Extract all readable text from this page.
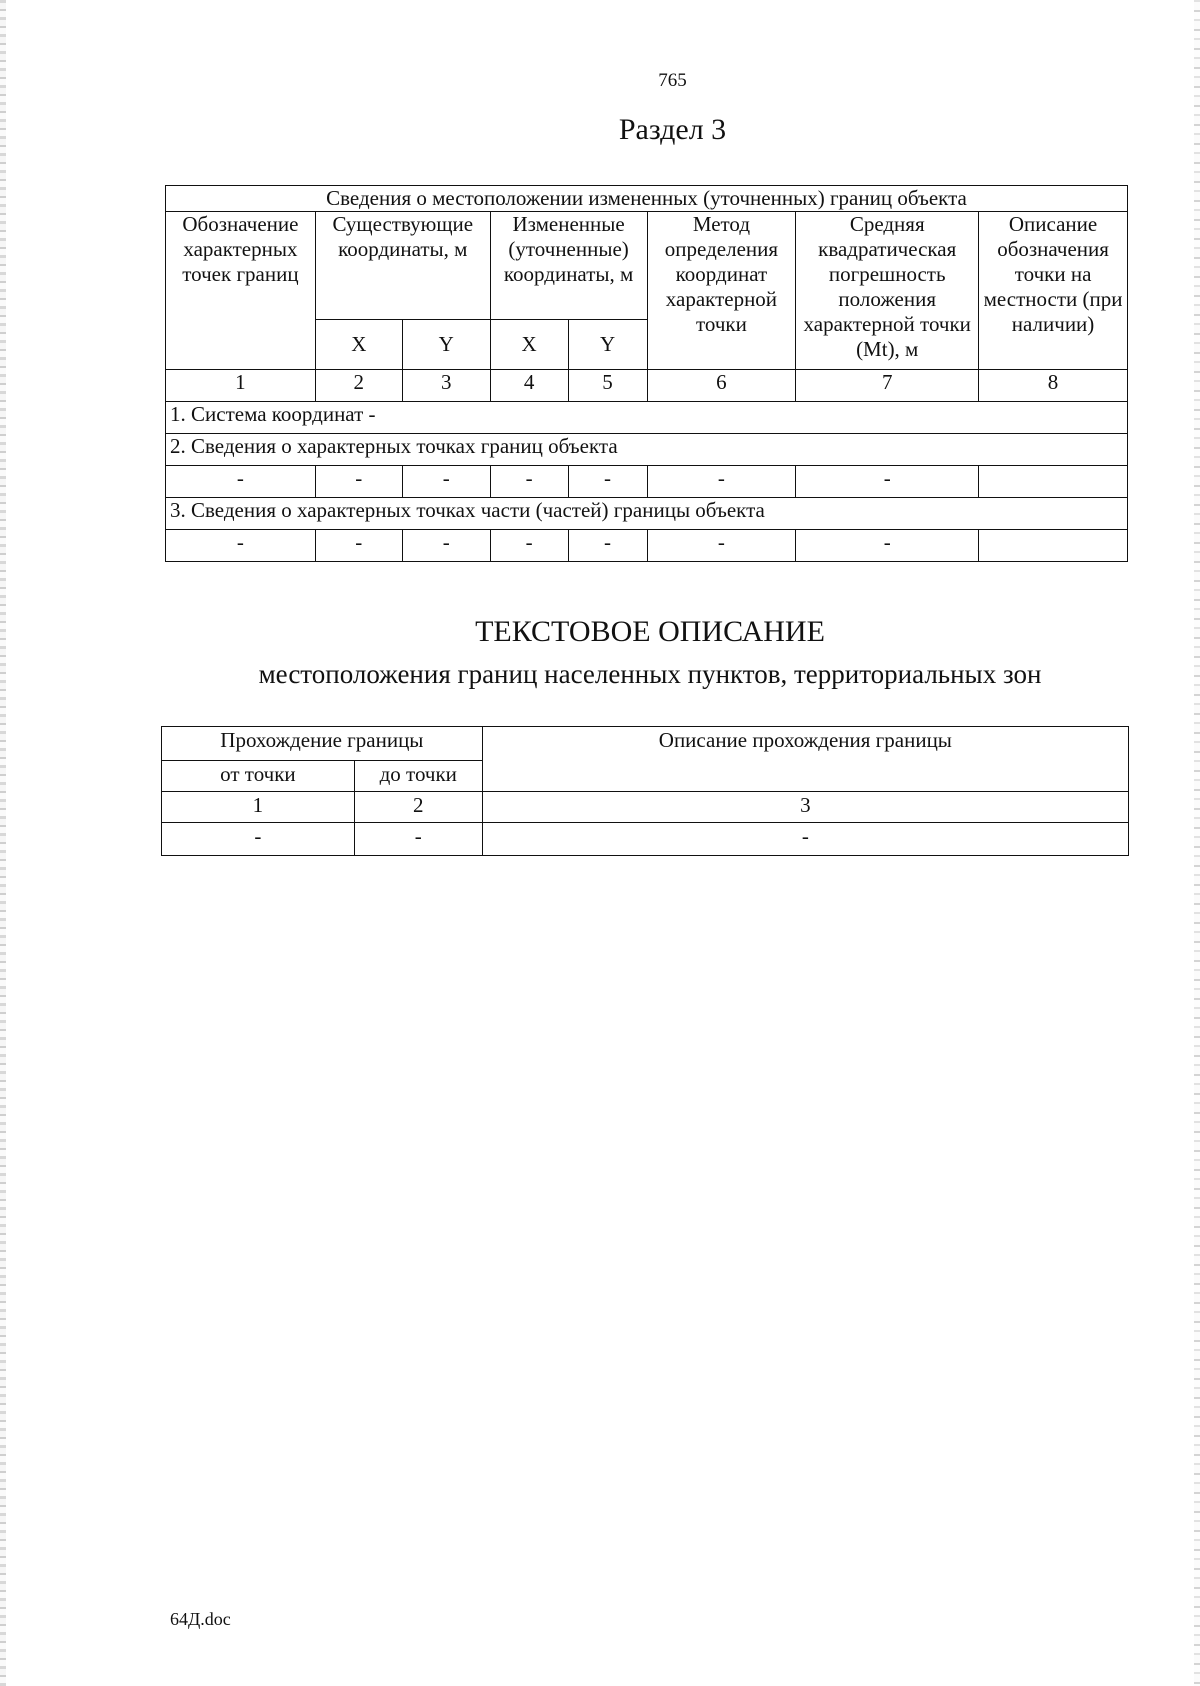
765
Раздел 3
Сведения о местоположении измененных (уточненных) границ объекта							
Обозначение характерных точек границ	Существующие координаты, м		Измененные (уточненные) координаты, м		Метод определения координат характерной точки	Средняя квадратическая погрешность положения характерной точки (Mt), м	Описание обозначения точки на местности (при наличии)
	X	Y	X	Y			
1	2	3	4	5	6	7	8
1. Система координат -							
2. Сведения о характерных точках границ объекта							
-	-	-	-	-	-	-	
3. Сведения о характерных точках части (частей) границы объекта							
-	-	-	-	-	-	-	
ТЕКСТОВОЕ ОПИСАНИЕ
местоположения границ населенных пунктов, территориальных зон
Прохождение границы		Описание прохождения границы
от точки	до точки	
1	2	3
-	-	-
64Д.doc
